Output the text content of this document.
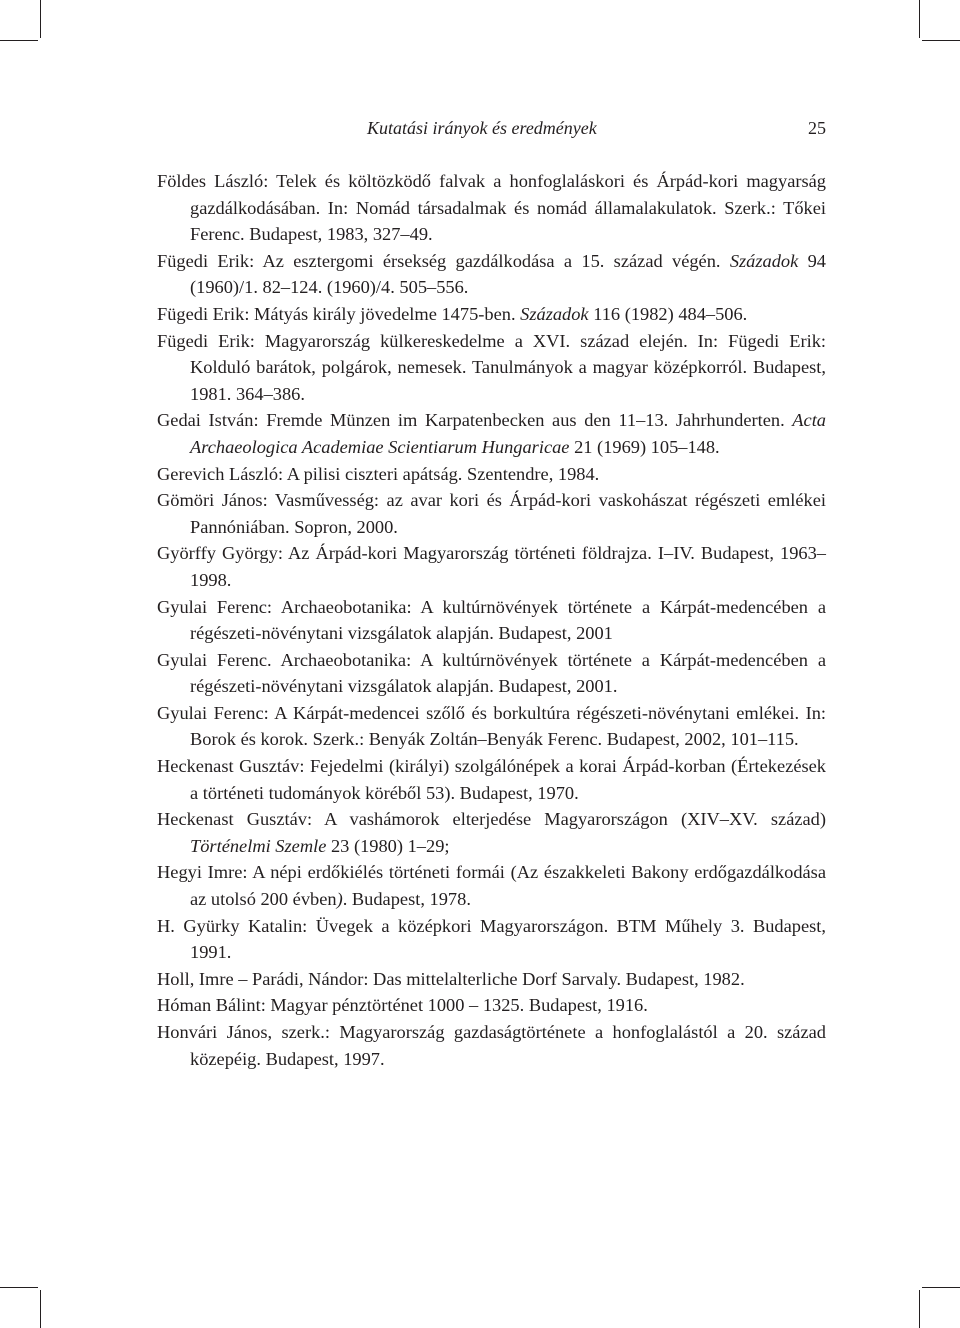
Kutatási irányok és eredmények	25

Földes László: Telek és költözködő falvak a honfoglaláskori és Árpád-kori magyarság gazdálkodásában. In: Nomád társadalmak és nomád államalakulatok. Szerk.: Tőkei Ferenc. Budapest, 1983, 327–49.

Fügedi Erik: Az esztergomi érsekség gazdálkodása a 15. század végén. Századok 94 (1960)/1. 82–124. (1960)/4. 505–556.

Fügedi Erik: Mátyás király jövedelme 1475-ben. Századok 116 (1982) 484–506.

Fügedi Erik: Magyarország külkereskedelme a XVI. század elején. In: Fügedi Erik: Kolduló barátok, polgárok, nemesek. Tanulmányok a magyar középkorról. Budapest, 1981. 364–386.

Gedai István: Fremde Münzen im Karpatenbecken aus den 11–13. Jahrhunderten. Acta Archaeologica Academiae Scientiarum Hungaricae 21 (1969) 105–148.

Gerevich László: A pilisi ciszteri apátság. Szentendre, 1984.

Gömöri János: Vasművesség: az avar kori és Árpád-kori vaskohászat régészeti emlékei Pannóniában. Sopron, 2000.

Györffy György: Az Árpád-kori Magyarország történeti földrajza. I–IV. Budapest, 1963–1998.

Gyulai Ferenc: Archaeobotanika: A kultúrnövények története a Kárpát-medencében a régészeti-növénytani vizsgálatok alapján. Budapest, 2001

Gyulai Ferenc. Archaeobotanika: A kultúrnövények története a Kárpát-medencében a régészeti-növénytani vizsgálatok alapján. Budapest, 2001.

Gyulai Ferenc: A Kárpát-medencei szőlő és borkultúra régészeti-növénytani emlékei. In: Borok és korok. Szerk.: Benyák Zoltán–Benyák Ferenc. Budapest, 2002, 101–115.

Heckenast Gusztáv: Fejedelmi (királyi) szolgálónépek a korai Árpád-korban (Értekezések a történeti tudományok köréből 53). Budapest, 1970.

Heckenast Gusztáv: A vashámorok elterjedése Magyarországon (XIV–XV. század) Történelmi Szemle 23 (1980) 1–29;

Hegyi Imre: A népi erdőkiélés történeti formái (Az északkeleti Bakony erdőgazdálkodása az utolsó 200 évben). Budapest, 1978.

H. Gyürky Katalin: Üvegek a középkori Magyarországon. BTM Műhely 3. Budapest, 1991.

Holl, Imre – Parádi, Nándor: Das mittelalterliche Dorf Sarvaly. Budapest, 1982.

Hóman Bálint: Magyar pénztörténet 1000 – 1325. Budapest, 1916.

Honvári János, szerk.: Magyarország gazdaságtörténete a honfoglalástól a 20. század közepéig. Budapest, 1997.
